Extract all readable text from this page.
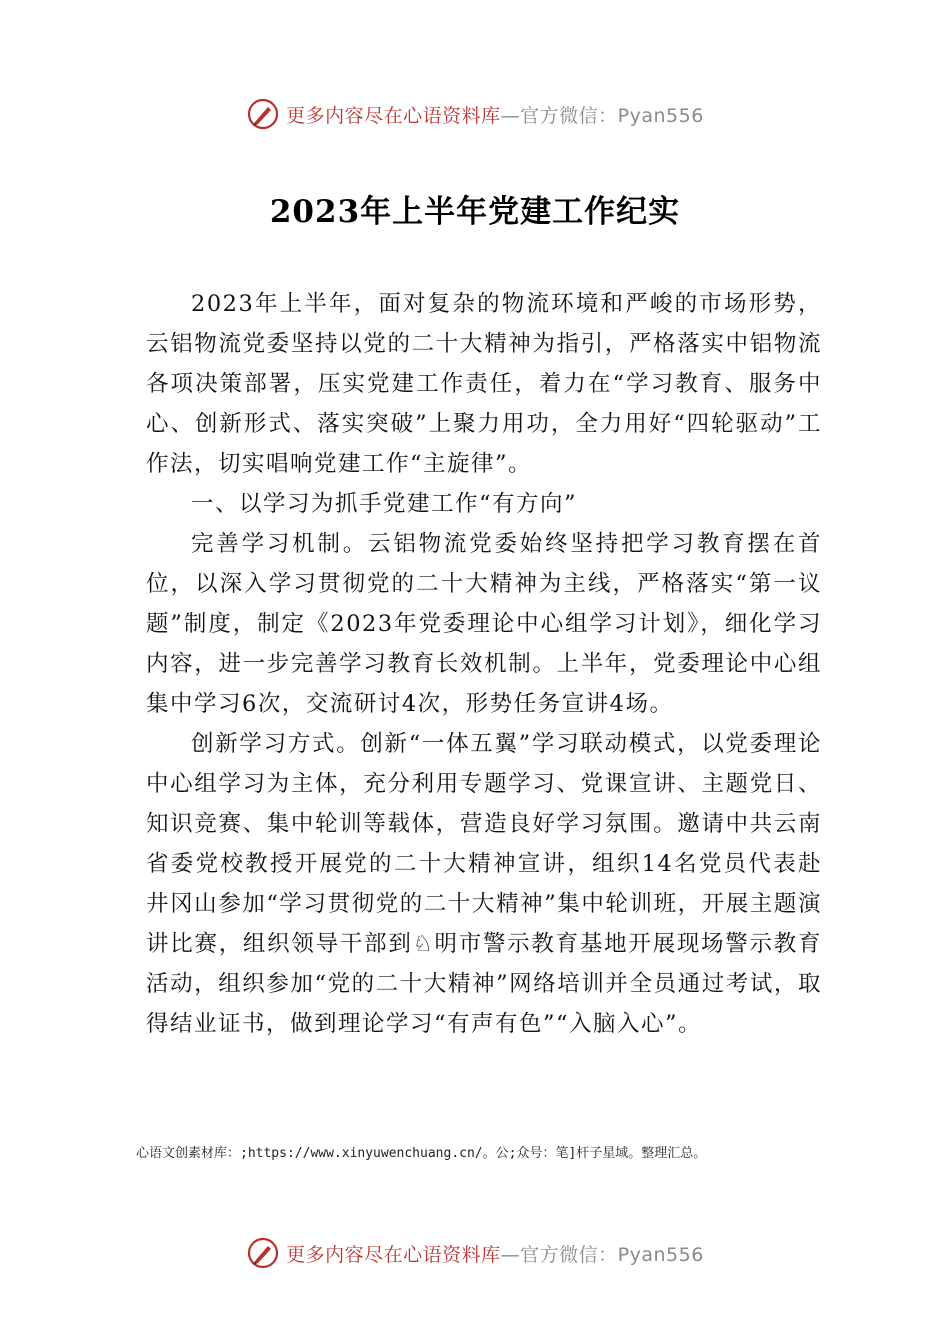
更多内容尽在心语资料库—官方微信：Pyan556
2023年上半年党建工作纪实

2023年上半年，面对复杂的物流环境和严峻的市场形势，云铝物流党委坚持以党的二十大精神为指引，严格落实中铝物流各项决策部署，压实党建工作责任，着力在“学习教育、服务中心、创新形式、落实突破”上聚力用功，全力用好“四轮驱动”工作法，切实唱响党建工作“主旋律”。

一、以学习为抓手党建工作“有方向”

完善学习机制。云铝物流党委始终坚持把学习教育摆在首位，以深入学习贯彻党的二十大精神为主线，严格落实“第一议题”制度，制定《2023年党委理论中心组学习计划》，细化学习内容，进一步完善学习教育长效机制。上半年，党委理论中心组集中学习6次，交流研讨4次，形势任务宣讲4场。

创新学习方式。创新“一体五翼”学习联动模式，以党委理论中心组学习为主体，充分利用专题学习、党课宣讲、主题党日、知识竞赛、集中轮训等载体，营造良好学习氛围。邀请中共云南省委党校教授开展党的二十大精神宣讲，组织14名党员代表赴井冈山参加“学习贯彻党的二十大精神”集中轮训班，开展主题演讲比赛，组织领导干部到♘明市警示教育基地开展现场警示教育活动，组织参加“党的二十大精神”网络培训并全员通过考试，取得结业证书，做到理论学习“有声有色”“入脑入心”。

心语文创素材库：;https://www.xinyuwenchuang.cn/。公;众号：笔]杆子星域。整理汇总。
更多内容尽在心语资料库—官方微信：Pyan556
